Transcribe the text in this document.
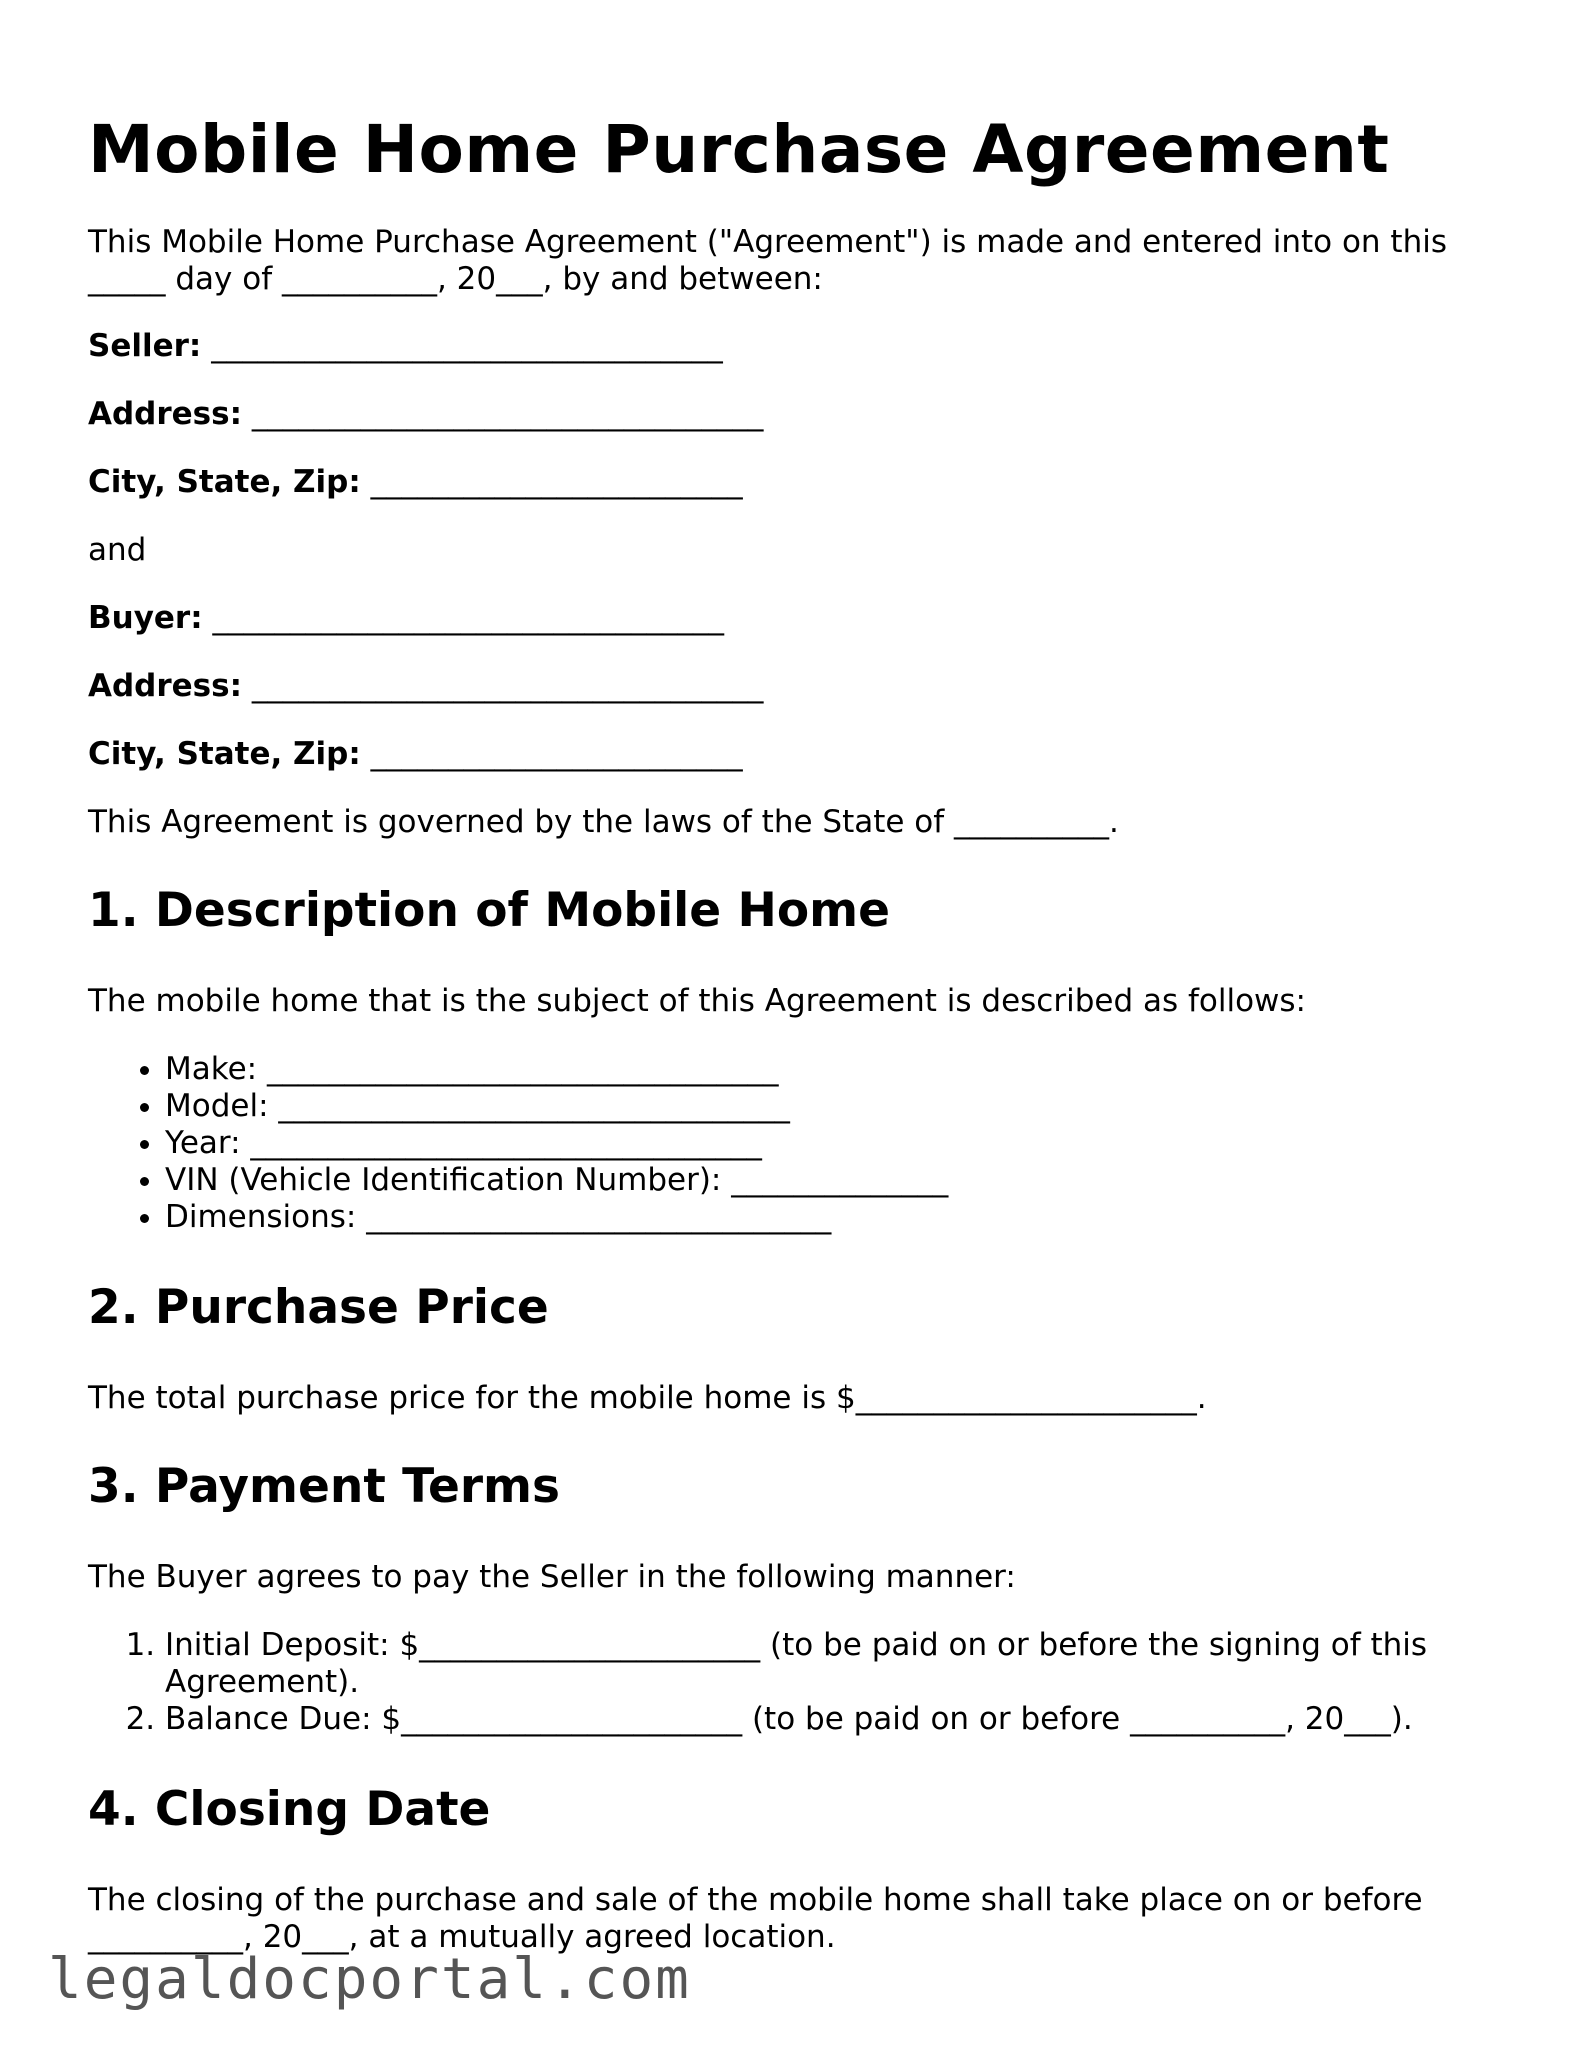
Mobile Home Purchase Agreement

This Mobile Home Purchase Agreement ("Agreement") is made and entered into on this _____ day of __________, 20___, by and between:

Seller: _________________________________
Address: _________________________________
City, State, Zip: ________________________

and

Buyer: _________________________________
Address: _________________________________
City, State, Zip: ________________________

This Agreement is governed by the laws of the State of __________.

1. Description of Mobile Home

The mobile home that is the subject of this Agreement is described as follows:

• Make: _________________________________
• Model: _________________________________
• Year: _________________________________
• VIN (Vehicle Identification Number): ______________
• Dimensions: ______________________________
2. Purchase Price

The total purchase price for the mobile home is $______________________.

3. Payment Terms

The Buyer agrees to pay the Seller in the following manner:

1. Initial Deposit: $______________________ (to be paid on or before the signing of this Agreement).
2. Balance Due: $______________________ (to be paid on or before __________, 20___).
4. Closing Date

The closing of the purchase and sale of the mobile home shall take place on or before __________, 20___, at a mutually agreed location.

legaldocportal.com
